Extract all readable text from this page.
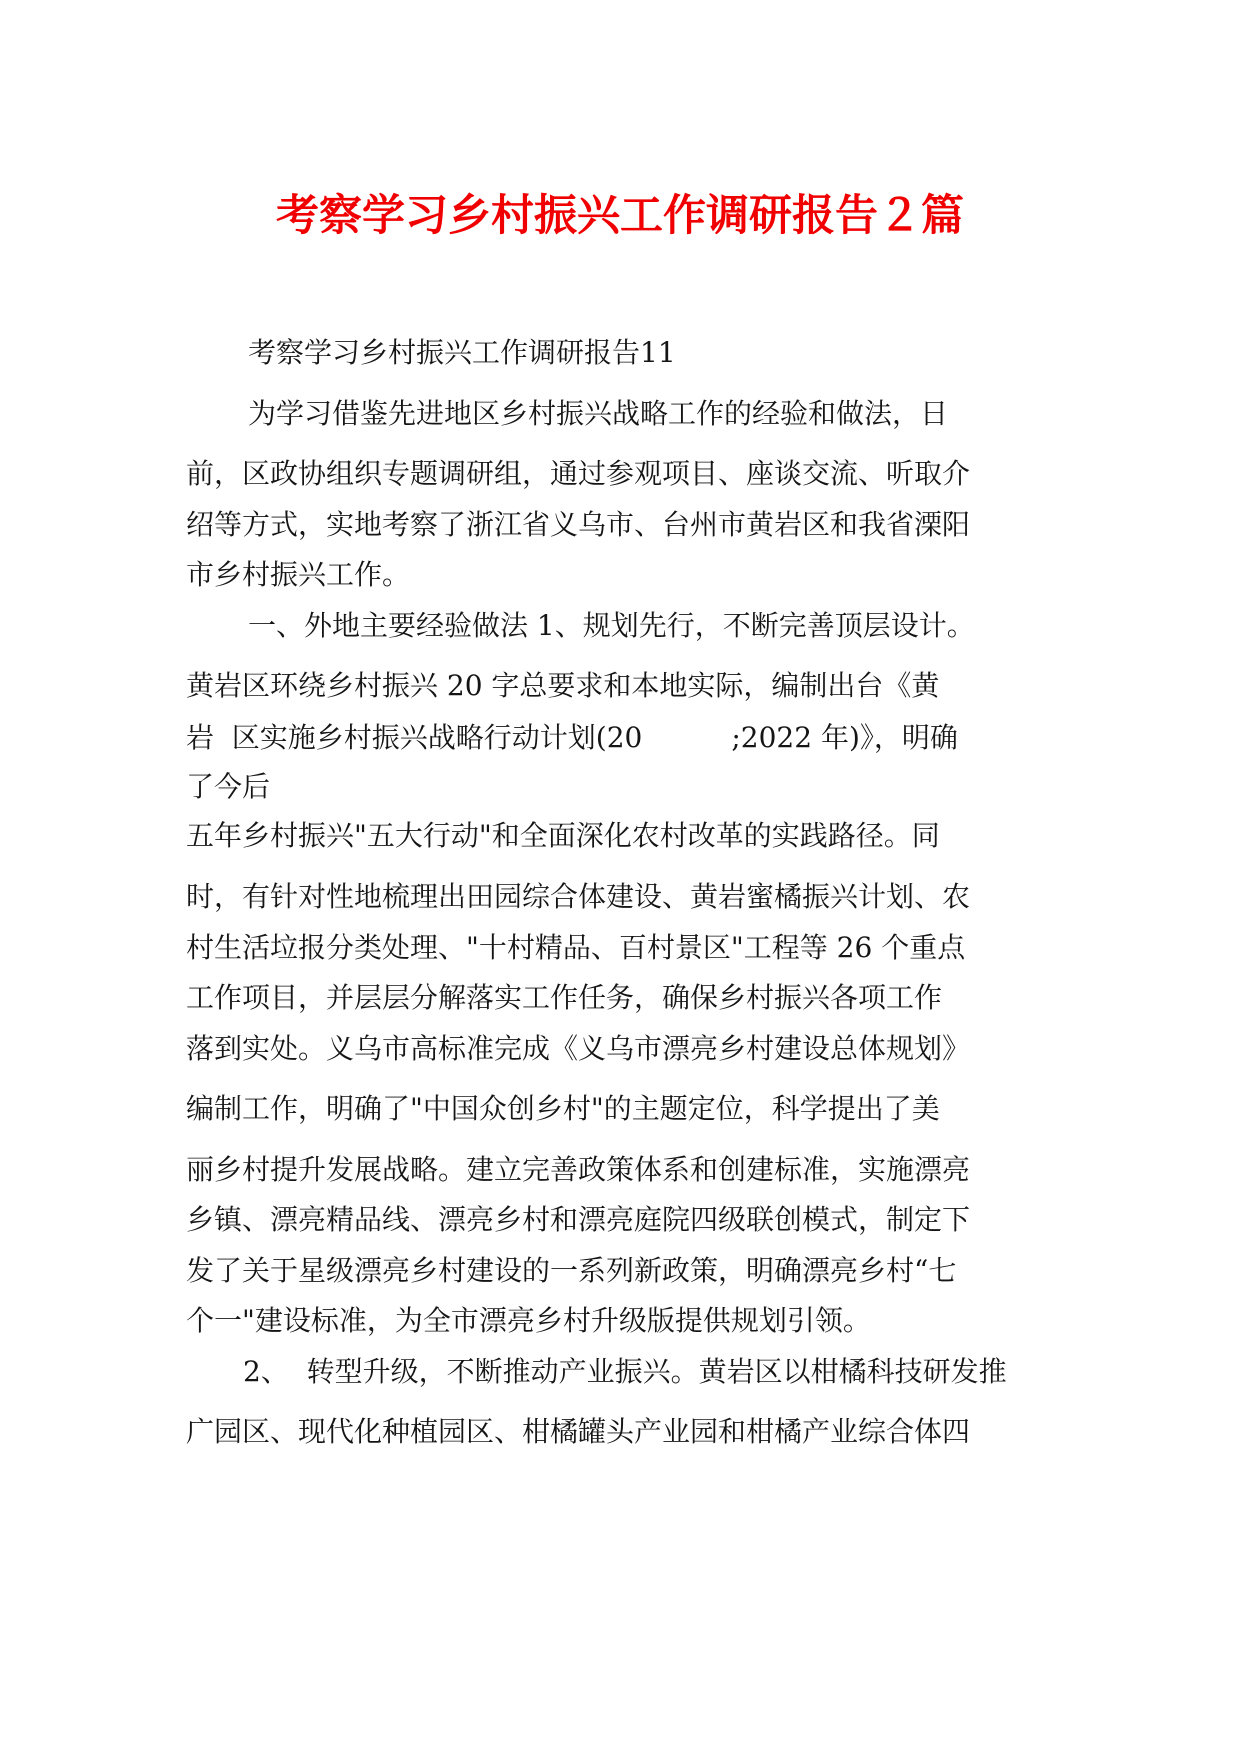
考察学习乡村振兴工作调研报告２篇
考察学习乡村振兴工作调研报告11
为学习借鉴先进地区乡村振兴战略工作的经验和做法，日
前，区政协组织专题调研组，通过参观项目、座谈交流、听取介
绍等方式，实地考察了浙江省义乌市、台州市黄岩区和我省溧阳
市乡村振兴工作。
一、外地主要经验做法 1、规划先行，不断完善顶层设计。
黄岩区环绕乡村振兴 20 字总要求和本地实际，编制出台《黄
岩  区实施乡村振兴战略行动计划(20          ;2022 年)》，明确
了今后
五年乡村振兴"五大行动"和全面深化农村改革的实践路径。同
时，有针对性地梳理出田园综合体建设、黄岩蜜橘振兴计划、农
村生活垃报分类处理、"十村精品、百村景区"工程等 26 个重点
工作项目，并层层分解落实工作任务，确保乡村振兴各项工作
落到实处。义乌市高标准完成《义乌市漂亮乡村建设总体规划》
编制工作，明确了"中国众创乡村"的主题定位，科学提出了美
丽乡村提升发展战略。建立完善政策体系和创建标准，实施漂亮
乡镇、漂亮精品线、漂亮乡村和漂亮庭院四级联创模式，制定下
发了关于星级漂亮乡村建设的一系列新政策，明确漂亮乡村“七
个一"建设标准，为全市漂亮乡村升级版提供规划引领。
2、  转型升级，不断推动产业振兴。黄岩区以柑橘科技研发推
广园区、现代化种植园区、柑橘罐头产业园和柑橘产业综合体四
